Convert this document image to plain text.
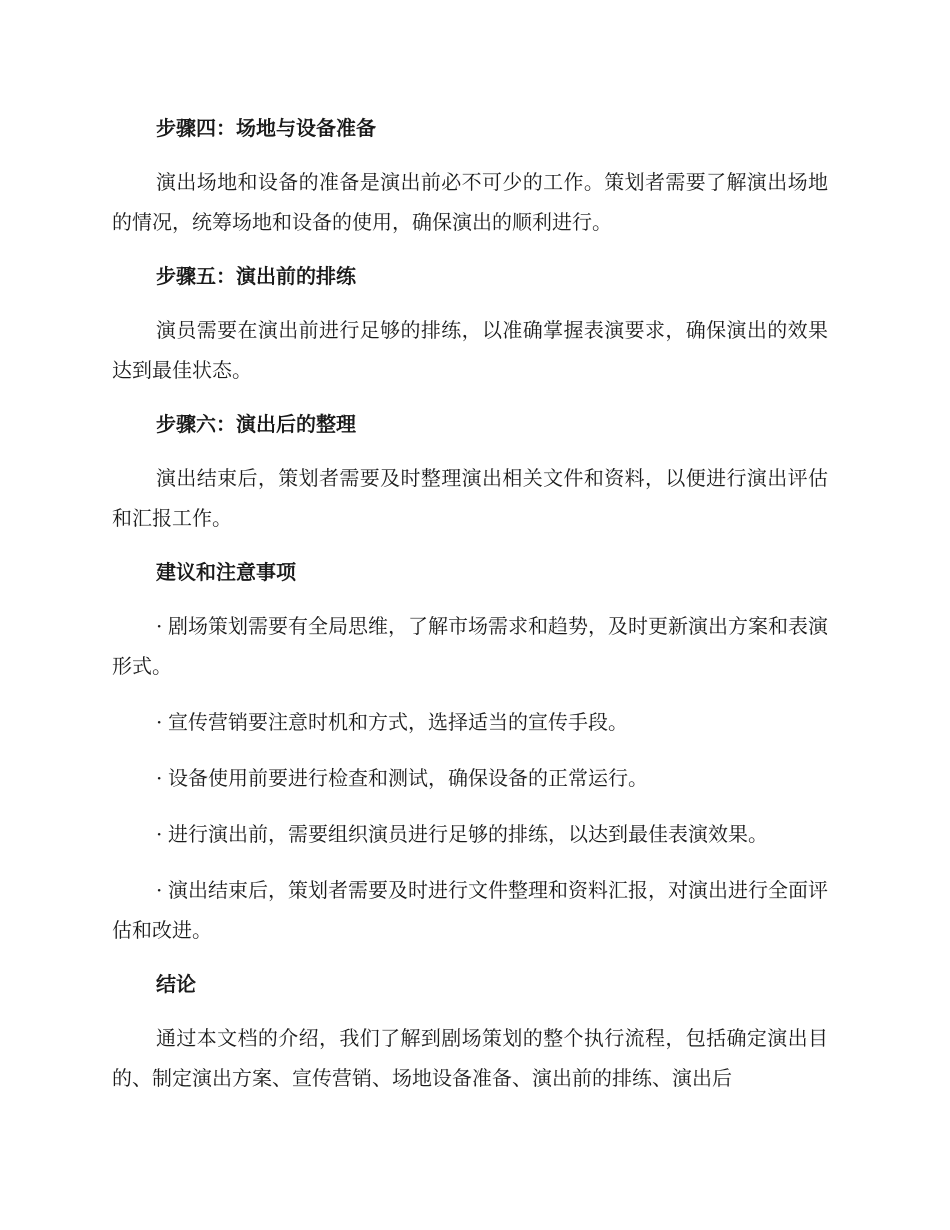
步骤四：场地与设备准备
演出场地和设备的准备是演出前必不可少的工作。策划者需要了解演出场地的情况，统筹场地和设备的使用，确保演出的顺利进行。
步骤五：演出前的排练
演员需要在演出前进行足够的排练，以准确掌握表演要求，确保演出的效果达到最佳状态。
步骤六：演出后的整理
演出结束后，策划者需要及时整理演出相关文件和资料，以便进行演出评估和汇报工作。
建议和注意事项
· 剧场策划需要有全局思维，了解市场需求和趋势，及时更新演出方案和表演形式。
· 宣传营销要注意时机和方式，选择适当的宣传手段。
· 设备使用前要进行检查和测试，确保设备的正常运行。
· 进行演出前，需要组织演员进行足够的排练，以达到最佳表演效果。
· 演出结束后，策划者需要及时进行文件整理和资料汇报，对演出进行全面评估和改进。
结论
通过本文档的介绍，我们了解到剧场策划的整个执行流程，包括确定演出目的、制定演出方案、宣传营销、场地设备准备、演出前的排练、演出后
